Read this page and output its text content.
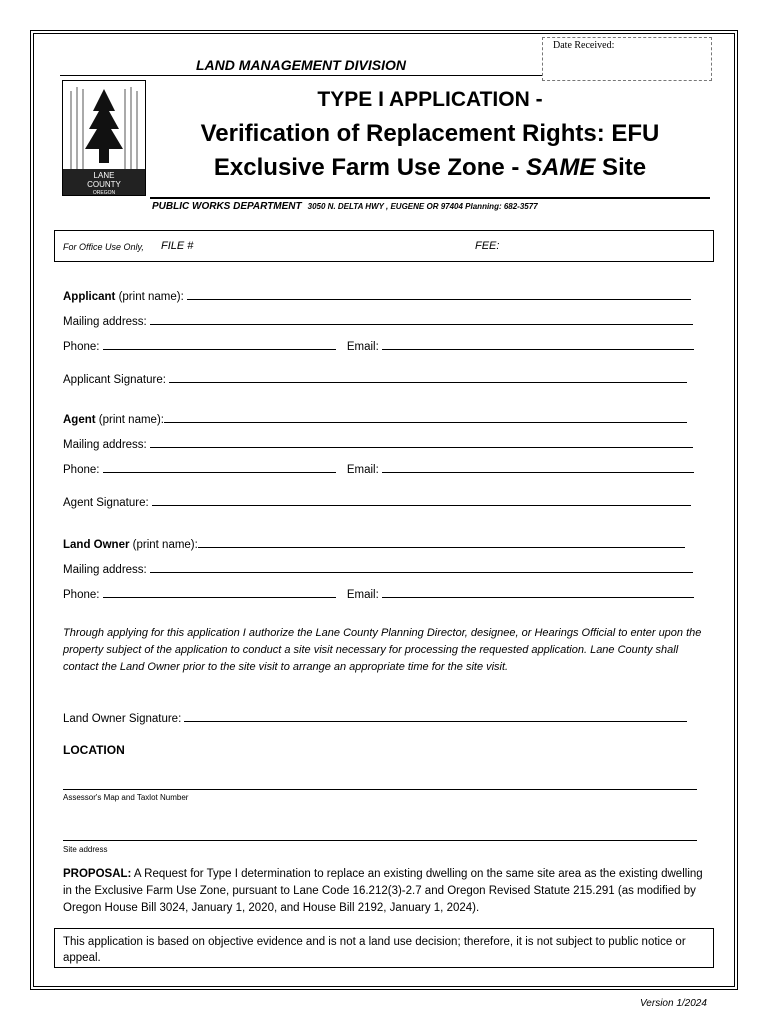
Date Received:
LAND MANAGEMENT DIVISION
LANE
COUNTY
OREGON
TYPE I APPLICATION -
Verification of Replacement Rights: EFU
Exclusive Farm Use Zone - SAME Site
PUBLIC WORKS DEPARTMENT 3050 N. DELTA HWY , EUGENE OR 97404 Planning: 682-3577
For Office Use Only, FILE #	FEE:
Applicant (print name):
Mailing address:
Phone:	Email:
Applicant Signature:
Agent (print name):
Mailing address:
Phone:	Email:
Agent Signature:
Land Owner (print name):
Mailing address:
Phone:	Email:
Through applying for this application I authorize the Lane County Planning Director, designee, or Hearings Official to enter upon the property subject of the application to conduct a site visit necessary for processing the requested application. Lane County shall contact the Land Owner prior to the site visit to arrange an appropriate time for the site visit.
Land Owner Signature:
LOCATION
Assessor's Map and Taxlot Number
Site address
PROPOSAL: A Request for Type I determination to replace an existing dwelling on the same site area as the existing dwelling in the Exclusive Farm Use Zone, pursuant to Lane Code 16.212(3)-2.7 and Oregon Revised Statute 215.291 (as modified by Oregon House Bill 3024, January 1, 2020, and House Bill 2192, January 1, 2024).
This application is based on objective evidence and is not a land use decision; therefore, it is not subject to public notice or appeal.
Version 1/2024
